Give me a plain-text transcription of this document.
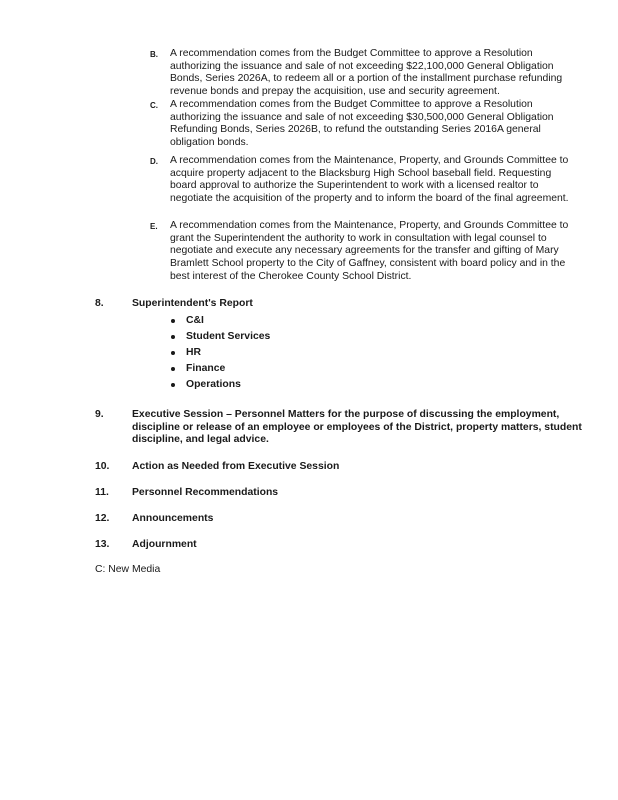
B.	A recommendation comes from the Budget Committee to approve a Resolution authorizing the issuance and sale of not exceeding $22,100,000 General Obligation Bonds, Series 2026A, to redeem all or a portion of the installment purchase refunding revenue bonds and prepay the acquisition, use and security agreement.
C.	A recommendation comes from the Budget Committee to approve a Resolution authorizing the issuance and sale of not exceeding $30,500,000 General Obligation Refunding Bonds, Series 2026B, to refund the outstanding Series 2016A general obligation bonds.
D.	A recommendation comes from the Maintenance, Property, and Grounds Committee to acquire property adjacent to the Blacksburg High School baseball field. Requesting board approval to authorize the Superintendent to work with a licensed realtor to negotiate the acquisition of the property and to inform the board of the final agreement.
E.	A recommendation comes from the Maintenance, Property, and Grounds Committee to grant the Superintendent the authority to work in consultation with legal counsel to negotiate and execute any necessary agreements for the transfer and gifting of Mary Bramlett School property to the City of Gaffney, consistent with board policy and in the best interest of the Cherokee County School District.
8.	Superintendent's Report
C&I
Student Services
HR
Finance
Operations
9.	Executive Session – Personnel Matters for the purpose of discussing the employment, discipline or release of an employee or employees of the District, property matters, student discipline, and legal advice.
10.	Action as Needed from Executive Session
11.	Personnel Recommendations
12.	Announcements
13.	Adjournment
C: New Media
